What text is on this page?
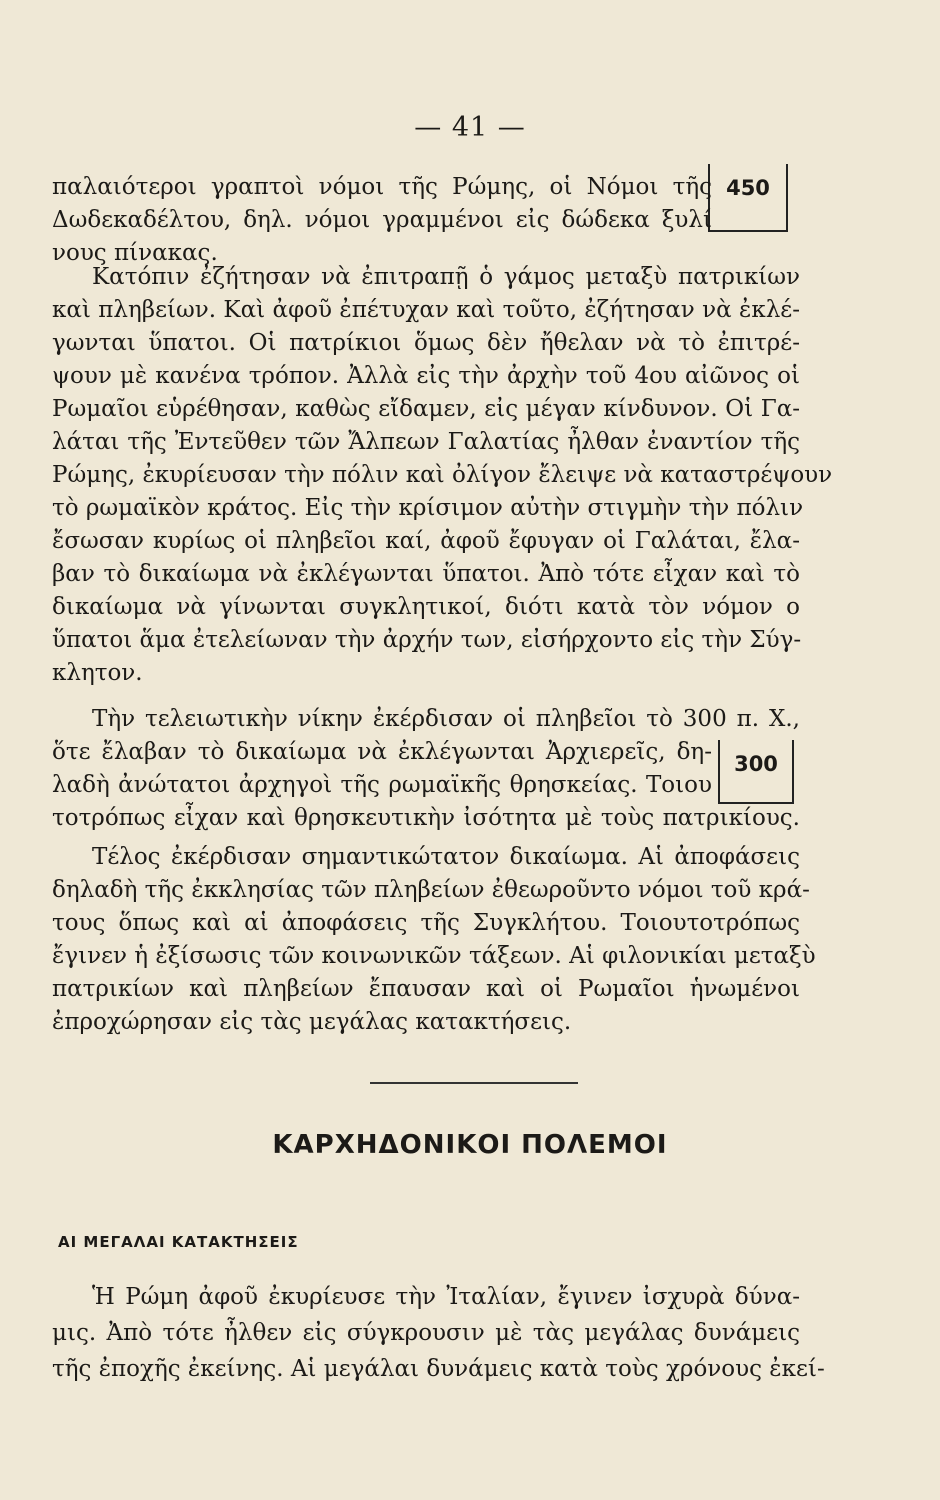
— 41 —
450
300
παλαιότεροι γραπτοὶ νόμοι τῆς Ρώμης, οἱ Νόμοι τῆς
Δωδεκαδέλτου, δηλ. νόμοι γραμμένοι εἰς δώδεκα ξυλί
νους πίνακας.
Κατόπιν ἐζήτησαν νὰ ἐπιτραπῇ ὁ γάμος μεταξὺ πατρικίων
καὶ πληβείων. Καὶ ἀφοῦ ἐπέτυχαν καὶ τοῦτο, ἐζήτησαν νὰ ἐκλέ-
γωνται ὕπατοι. Οἱ πατρίκιοι ὅμως δὲν ἤθελαν νὰ τὸ ἐπιτρέ-
ψουν μὲ κανένα τρόπον. Ἀλλὰ εἰς τὴν ἀρχὴν τοῦ 4ου αἰῶνος οἱ
Ρωμαῖοι εὑρέθησαν, καθὼς εἴδαμεν, εἰς μέγαν κίνδυνον. Οἱ Γα-
λάται τῆς Ἐντεῦθεν τῶν Ἄλπεων Γαλατίας ἦλθαν ἐναντίον τῆς
Ρώμης, ἐκυρίευσαν τὴν πόλιν καὶ ὀλίγον ἔλειψε νὰ καταστρέψουν
τὸ ρωμαϊκὸν κράτος. Εἰς τὴν κρίσιμον αὐτὴν στιγμὴν τὴν πόλιν
ἔσωσαν κυρίως οἱ πληβεῖοι καί, ἀφοῦ ἔφυγαν οἱ Γαλάται, ἔλα-
βαν τὸ δικαίωμα νὰ ἐκλέγωνται ὕπατοι. Ἀπὸ τότε εἶχαν καὶ τὸ
δικαίωμα νὰ γίνωνται συγκλητικοί, διότι κατὰ τὸν νόμον ο
ὕπατοι ἅμα ἐτελείωναν τὴν ἀρχήν των, εἰσήρχοντο εἰς τὴν Σύγ-
κλητον.
Τὴν τελειωτικὴν νίκην ἐκέρδισαν οἱ πληβεῖοι τὸ 300 π. Χ.,
ὅτε ἔλαβαν τὸ δικαίωμα νὰ ἐκλέγωνται Ἀρχιερεῖς, δη-
λαδὴ ἀνώτατοι ἀρχηγοὶ τῆς ρωμαϊκῆς θρησκείας. Τοιου
τοτρόπως εἶχαν καὶ θρησκευτικὴν ἰσότητα μὲ τοὺς πατρικίους.
Τέλος ἐκέρδισαν σημαντικώτατον δικαίωμα. Αἱ ἀποφάσεις
δηλαδὴ τῆς ἐκκλησίας τῶν πληβείων ἐθεωροῦντο νόμοι τοῦ κρά-
τους ὅπως καὶ αἱ ἀποφάσεις τῆς Συγκλήτου. Τοιουτοτρόπως
ἔγινεν ἡ ἐξίσωσις τῶν κοινωνικῶν τάξεων. Αἱ φιλονικίαι μεταξὺ
πατρικίων καὶ πληβείων ἔπαυσαν καὶ οἱ Ρωμαῖοι ἡνωμένοι
ἐπροχώρησαν εἰς τὰς μεγάλας κατακτήσεις.
ΚΑΡΧΗΔΟΝΙΚΟΙ ΠΟΛΕΜΟΙ
ΑΙ ΜΕΓΑΛΑΙ ΚΑΤΑΚΤΗΣΕΙΣ
Ἡ Ρώμη ἀφοῦ ἐκυρίευσε τὴν Ἰταλίαν, ἔγινεν ἰσχυρὰ δύνα-
μις. Ἀπὸ τότε ἦλθεν εἰς σύγκρουσιν μὲ τὰς μεγάλας δυνάμεις
τῆς ἐποχῆς ἐκείνης. Αἱ μεγάλαι δυνάμεις κατὰ τοὺς χρόνους ἐκεί-
